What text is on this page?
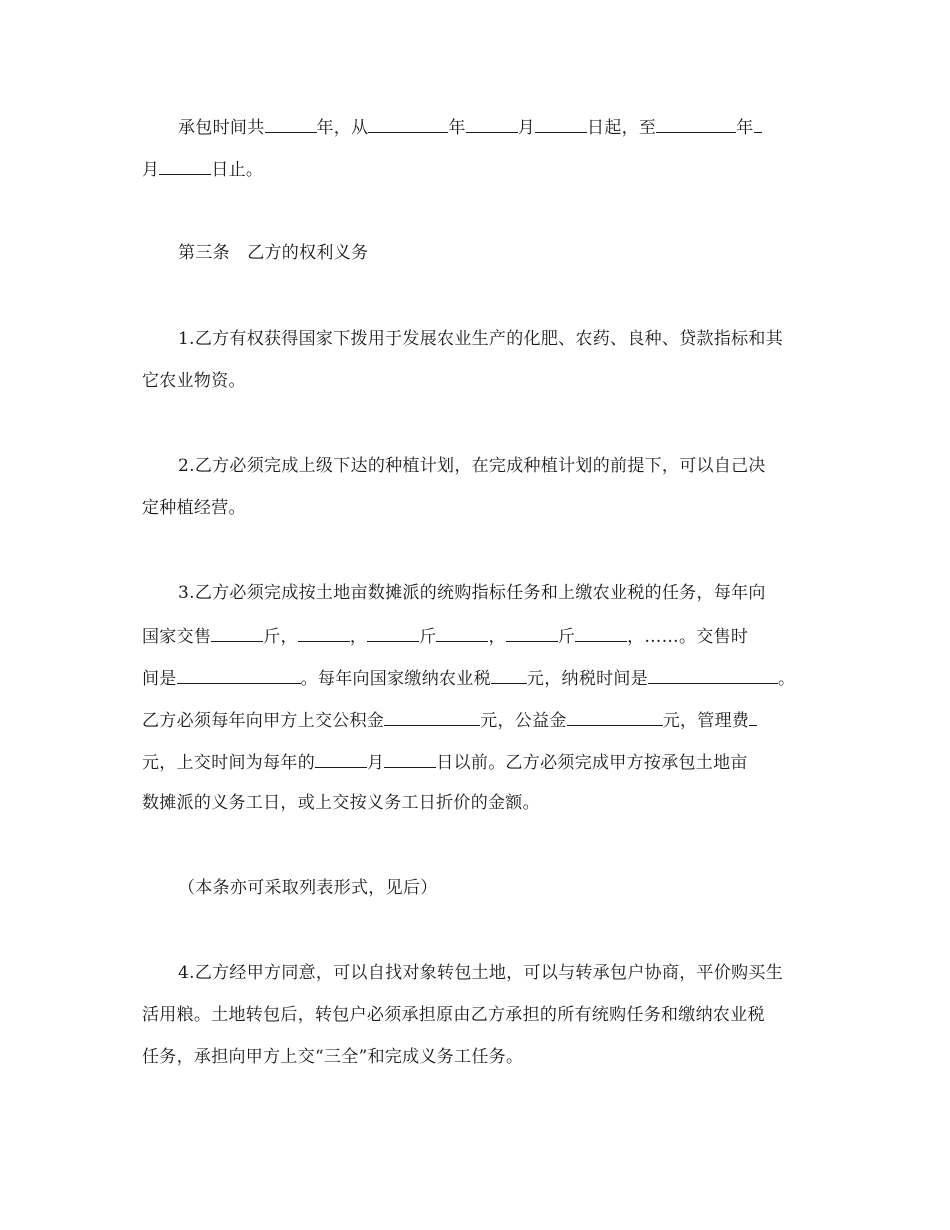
承包时间共	年，从	年	月	日起，至	年
月	日止。
第三条　乙方的权利义务
1.乙方有权获得国家下拨用于发展农业生产的化肥、农药、良种、贷款指标和其
它农业物资。
2.乙方必须完成上级下达的种植计划，在完成种植计划的前提下，可以自己决
定种植经营。
3.乙方必须完成按土地亩数摊派的统购指标任务和上缴农业税的任务，每年向
国家交售	斤，	，	斤	，	斤	，……。交售时
间是	。每年向国家缴纳农业税 元，纳税时间是	。
乙方必须每年向甲方上交公积金	元，公益金	元，管理费
元，上交时间为每年的	月	日以前。乙方必须完成甲方按承包土地亩
数摊派的义务工日，或上交按义务工日折价的金额。
（本条亦可采取列表形式，见后）
4.乙方经甲方同意，可以自找对象转包土地，可以与转承包户协商，平价购买生
活用粮。土地转包后，转包户必须承担原由乙方承担的所有统购任务和缴纳农业税
任务，承担向甲方上交“三全”和完成义务工任务。
